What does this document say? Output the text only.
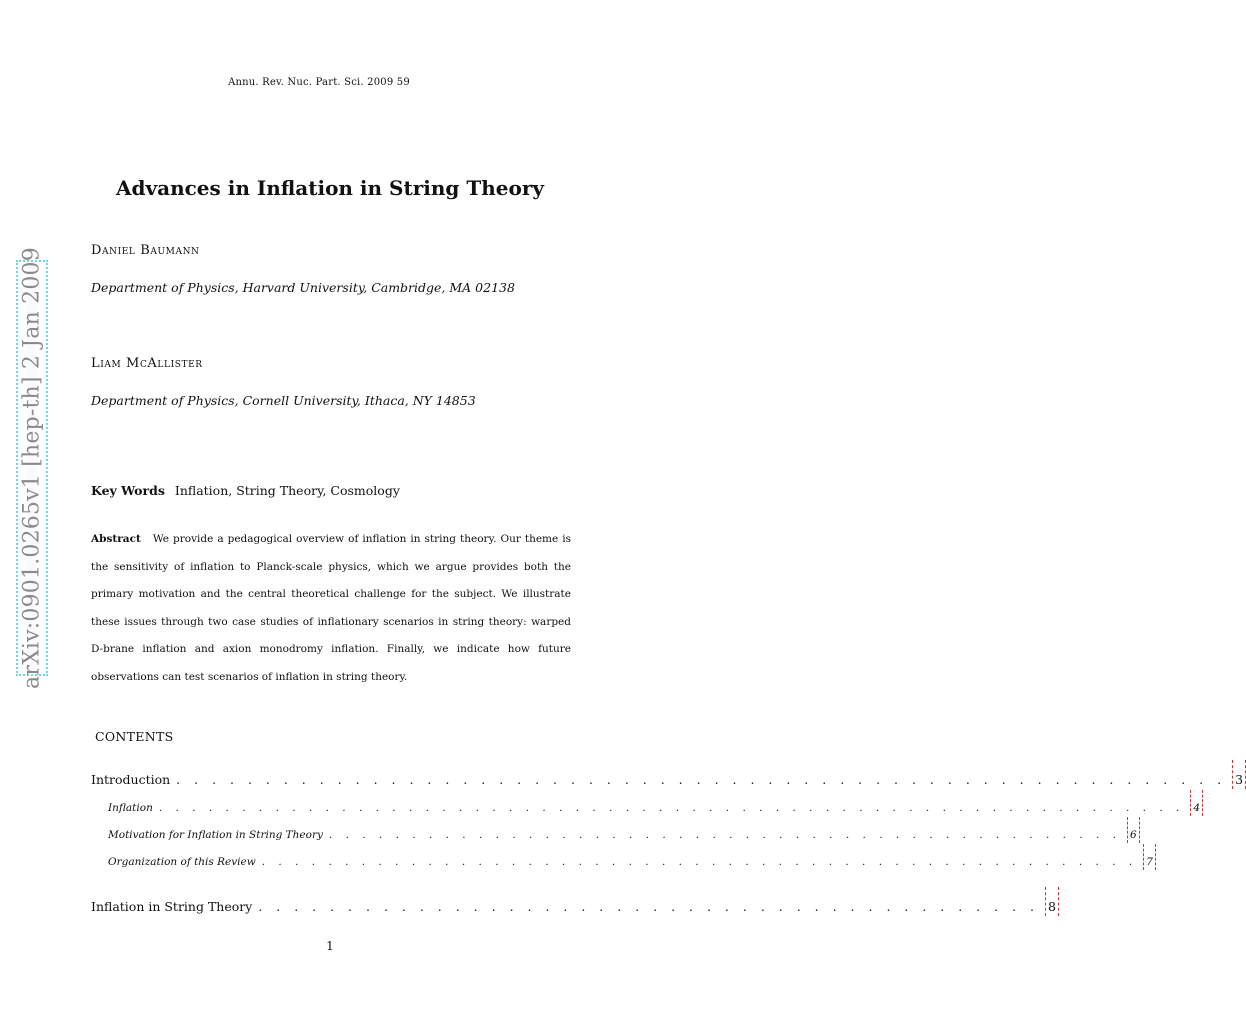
Annu. Rev. Nuc. Part. Sci. 2009 59
Advances in Inflation in String Theory
Daniel Baumann
Department of Physics, Harvard University, Cambridge, MA 02138
Liam McAllister
Department of Physics, Cornell University, Ithaca, NY 14853
Key Words Inflation, String Theory, Cosmology
Abstract We provide a pedagogical overview of inflation in string theory. Our theme is the sensitivity of inflation to Planck-scale physics, which we argue provides both the primary motivation and the central theoretical challenge for the subject. We illustrate these issues through two case studies of inflationary scenarios in string theory: warped D-brane inflation and axion monodromy inflation. Finally, we indicate how future observations can test scenarios of inflation in string theory.
CONTENTS
Introduction . . . . . . . . . . . . . . . . . . . . . . . . . . . . . . . . . . . . . . . . . . . . . . . . . . . . . . . . . . . 3
Inflation . . . . . . . . . . . . . . . . . . . . . . . . . . . . . . . . . . . . . . . . . . . . . . . . . . . . . . . . . . . . . . 4
Motivation for Inflation in String Theory . . . . . . . . . . . . . . . . . . . . . . . . . . . . . . . . . . . . . . . . . . . . . . . . 6
Organization of this Review . . . . . . . . . . . . . . . . . . . . . . . . . . . . . . . . . . . . . . . . . . . . . . . . . . . . . 7
Inflation in String Theory . . . . . . . . . . . . . . . . . . . . . . . . . . . . . . . . . . . . . . . . . . . . 8
1
arXiv:0901.0265v1 [hep-th] 2 Jan 2009
